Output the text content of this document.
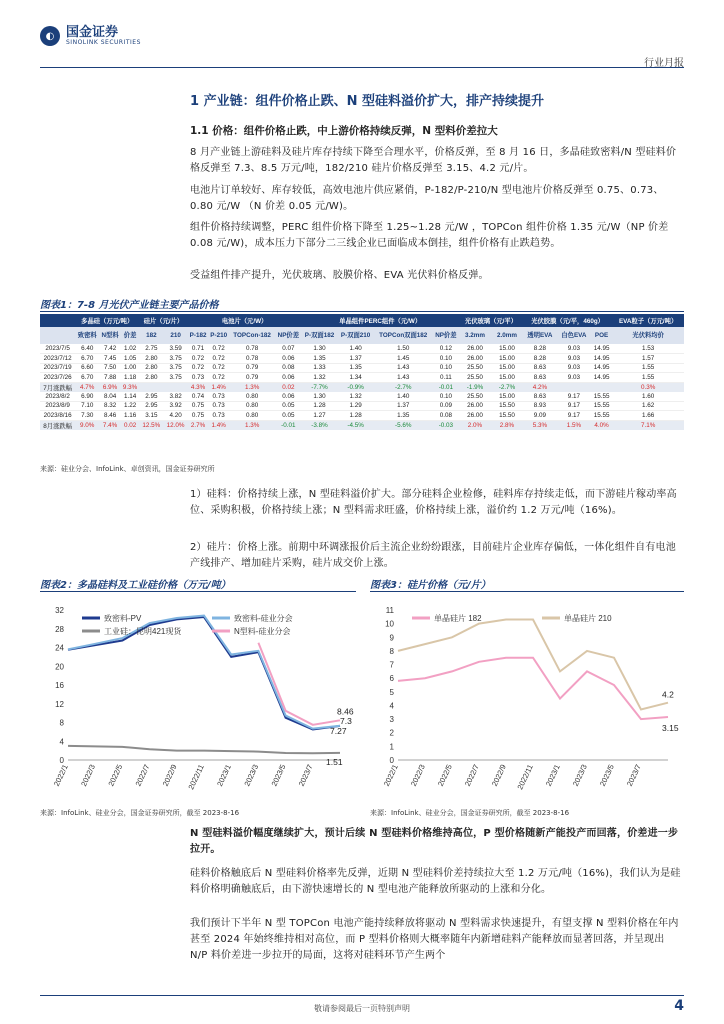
◐ 国金证券
SINOLINK SECURITIES
行业月报
1 产业链：组件价格止跌、N 型硅料溢价扩大，排产持续提升
1.1 价格：组件价格止跌，中上游价格持续反弹，N 型料价差拉大
8 月产业链上游硅料及硅片库存持续下降至合理水平，价格反弹，至 8 月 16 日，多晶硅致密料/N 型硅料价格反弹至 7.3、8.5 万元/吨，182/210 硅片价格反弹至 3.15、4.2 元/片。
电池片订单较好、库存较低，高效电池片供应紧俏，P-182/P-210/N 型电池片价格反弹至 0.75、0.73、0.80 元/W （N 价差 0.05 元/W)。
组件价格持续调整，PERC 组件价格下降至 1.25~1.28 元/W ，TOPCon 组件价格 1.35 元/W（NP 价差 0.08 元/W)，成本压力下部分二三线企业已面临成本倒挂，组件价格有止跌趋势。
受益组件排产提升，光伏玻璃、胶膜价格、EVA 光伏料价格反弹。
图表1：7-8 月光伏产业链主要产品价格
	多晶硅（万元/吨）			硅片（元/片）		电池片（元/W）				单晶组件PERC组件（元/W）				光伏玻璃（元/平）		光伏胶膜（元/平，460g）			EVA粒子（万元/吨）
	致密料	N型料	价差	182	210	P-182	P-210	TOPCon-182	NP价差	P-双面182	P-双面210	TOPCon双面182	NP价差	3.2mm	2.0mm	透明EVA	白色EVA	POE	光伏料均价
2023/7/5	6.40	7.42	1.02	2.75	3.59	0.71	0.72	0.78	0.07	1.30	1.40	1.50	0.12	26.00	15.00	8.28	9.03	14.95	1.53
2023/7/12	6.70	7.45	1.05	2.80	3.75	0.72	0.72	0.78	0.06	1.35	1.37	1.45	0.10	26.00	15.00	8.28	9.03	14.95	1.57
2023/7/19	6.60	7.50	1.00	2.80	3.75	0.72	0.72	0.79	0.08	1.33	1.35	1.43	0.10	25.50	15.00	8.63	9.03	14.95	1.55
2023/7/26	6.70	7.88	1.18	2.80	3.75	0.73	0.72	0.79	0.06	1.32	1.34	1.43	0.11	25.50	15.00	8.63	9.03	14.95	1.55
7月涨跌幅	4.7%	6.9%	9.3%			4.3%	1.4%	1.3%	0.02	-7.7%	-0.9%	-2.7%	-0.01	-1.9%	-2.7%	4.2%			0.3%
2023/8/2	6.90	8.04	1.14	2.95	3.82	0.74	0.73	0.80	0.06	1.30	1.32	1.40	0.10	25.50	15.00	8.63	9.17	15.55	1.60
2023/8/9	7.10	8.32	1.22	2.95	3.92	0.75	0.73	0.80	0.05	1.28	1.29	1.37	0.09	26.00	15.50	8.93	9.17	15.55	1.62
2023/8/16	7.30	8.46	1.16	3.15	4.20	0.75	0.73	0.80	0.05	1.27	1.28	1.35	0.08	26.00	15.50	9.09	9.17	15.55	1.66
8月涨跌幅	9.0%	7.4%	0.02	12.5%	12.0%	2.7%	1.4%	1.3%	-0.01	-3.8%	-4.5%	-5.6%	-0.03	2.0%	2.8%	5.3%	1.5%	4.0%	7.1%
来源：硅业分会、InfoLink、卓创资讯，国金证券研究所
1）硅料：价格持续上涨，N 型硅料溢价扩大。部分硅料企业检修，硅料库存持续走低，而下游硅片稼动率高位、采购积极，价格持续上涨；N 型料需求旺盛，价格持续上涨，溢价约 1.2 万元/吨（16%)。
2）硅片：价格上涨。前期中环调涨报价后主流企业纷纷跟涨，目前硅片企业库存偏低，一体化组件自有电池产线排产、增加硅片采购，硅片成交价上涨。
图表2：多晶硅料及工业硅价格（万元/吨）	图表3：硅片价格（元/片）
0
4
8
12
16
20
24
28
32
2022/1 2022/3 2022/5 2022/7 2022/9 2022/11 2023/1 2023/3 2023/5 2023/7
致密料-PV	致密料-硅业分会
工业硅：昆明421现货	N型料-硅业分会
8.46
7.3
7.27
1.51	0
1
2
3
4
5
6
7
8
9
10
11
2022/1 2022/3 2022/5 2022/7 2022/9 2022/11 2023/1 2023/3 2023/5 2023/7
单晶硅片 182	单晶硅片 210
4.2
3.15
来源：InfoLink、硅业分会，国金证券研究所，截至 2023-8-16	来源：InfoLink、硅业分会，国金证券研究所，截至 2023-8-16
N 型硅料溢价幅度继续扩大，预计后续 N 型硅料价格维持高位，P 型价格随新产能投产而回落，价差进一步拉开。
硅料价格触底后 N 型硅料价格率先反弹，近期 N 型硅料价差持续拉大至 1.2 万元/吨（16%)，我们认为是硅料价格明确触底后，由下游快速增长的 N 型电池产能释放所驱动的上涨和分化。
我们预计下半年 N 型 TOPCon 电池产能持续释放将驱动 N 型料需求快速提升，有望支撑 N 型料价格在年内甚至 2024 年始终维持相对高位，而 P 型料价格则大概率随年内新增硅料产能释放而显著回落，并呈现出 N/P 料价差进一步拉开的局面，这将对硅料环节产生两个
敬请参阅最后一页特别声明	4
